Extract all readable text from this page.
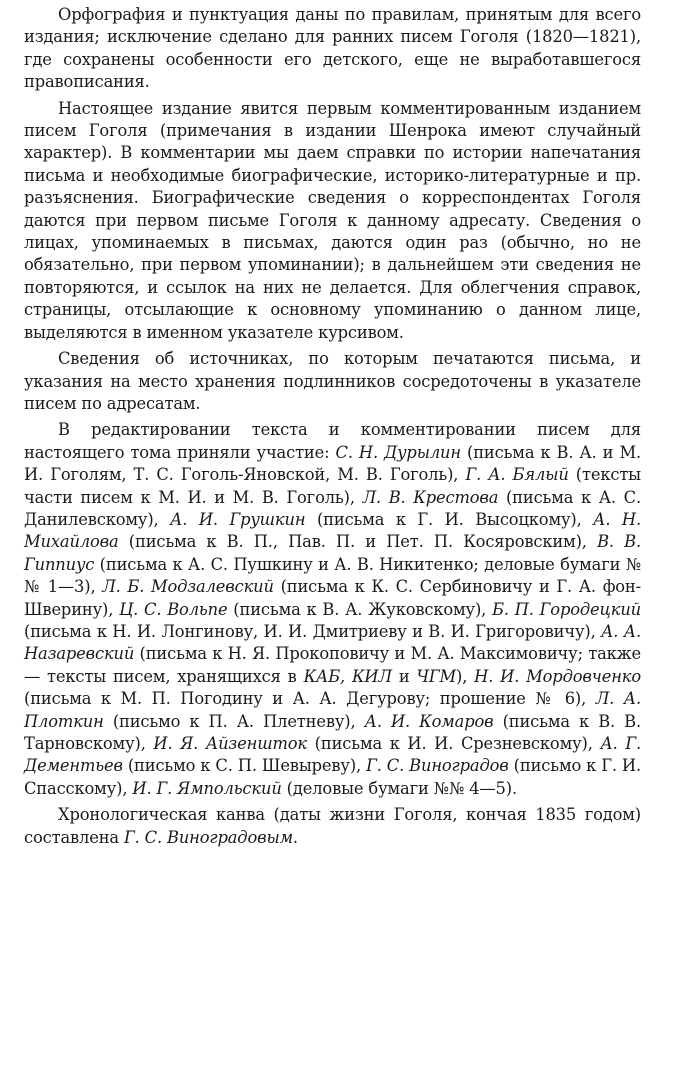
Орфография и пунктуация даны по правилам, принятым для всего издания; исключение сделано для ранних писем Гоголя (1820—1821), где сохранены особенности его детского, еще не выработавшегося правописания.

Настоящее издание явится первым комментированным изданием писем Гоголя (примечания в издании Шенрока имеют случайный характер). В комментарии мы даем справки по истории напечатания письма и необходимые биографические, историко-литературные и пр. разъяснения. Биографические сведения о корреспондентах Гоголя даются при первом письме Гоголя к данному адресату. Сведения о лицах, упоминаемых в письмах, даются один раз (обычно, но не обязательно, при первом упоминании); в дальнейшем эти сведения не повторяются, и ссылок на них не делается. Для облегчения справок, страницы, отсылающие к основному упоминанию о данном лице, выделяются в именном указателе курсивом.

Сведения об источниках, по которым печатаются письма, и указания на место хранения подлинников сосредоточены в указателе писем по адресатам.

В редактировании текста и комментировании писем для настоящего тома приняли участие: С. Н. Дурылин (письма к В. А. и М. И. Гоголям, Т. С. Гоголь-Яновской, М. В. Гоголь), Г. А. Бялый (тексты части писем к М. И. и М. В. Гоголь), Л. В. Крестова (письма к А. С. Данилевскому), А. И. Грушкин (письма к Г. И. Высоцкому), А. Н. Михайлова (письма к В. П., Пав. П. и Пет. П. Косяровским), В. В. Гиппиус (письма к А. С. Пушкину и А. В. Никитенко; деловые бумаги №№ 1—3), Л. Б. Модзалевский (письма к К. С. Сербиновичу и Г. А. фон-Шверину), Ц. С. Вольпе (письма к В. А. Жуковскому), Б. П. Городецкий (письма к Н. И. Лонгинову, И. И. Дмитриеву и В. И. Григоровичу), А. А. Назаревский (письма к Н. Я. Прокоповичу и М. А. Максимовичу; также — тексты писем, хранящихся в КАБ, КИЛ и ЧГМ), Н. И. Мордовченко (письма к М. П. Погодину и А. А. Дегурову; прошение № 6), Л. А. Плоткин (письмо к П. А. Плетневу), А. И. Комаров (письма к В. В. Тарновскому), И. Я. Айзеншток (письма к И. И. Срезневскому), А. Г. Дементьев (письмо к С. П. Шевыреву), Г. С. Виноградов (письмо к Г. И. Спасскому), И. Г. Ямпольский (деловые бумаги №№ 4—5).

Хронологическая канва (даты жизни Гоголя, кончая 1835 годом) составлена Г. С. Виноградовым.
